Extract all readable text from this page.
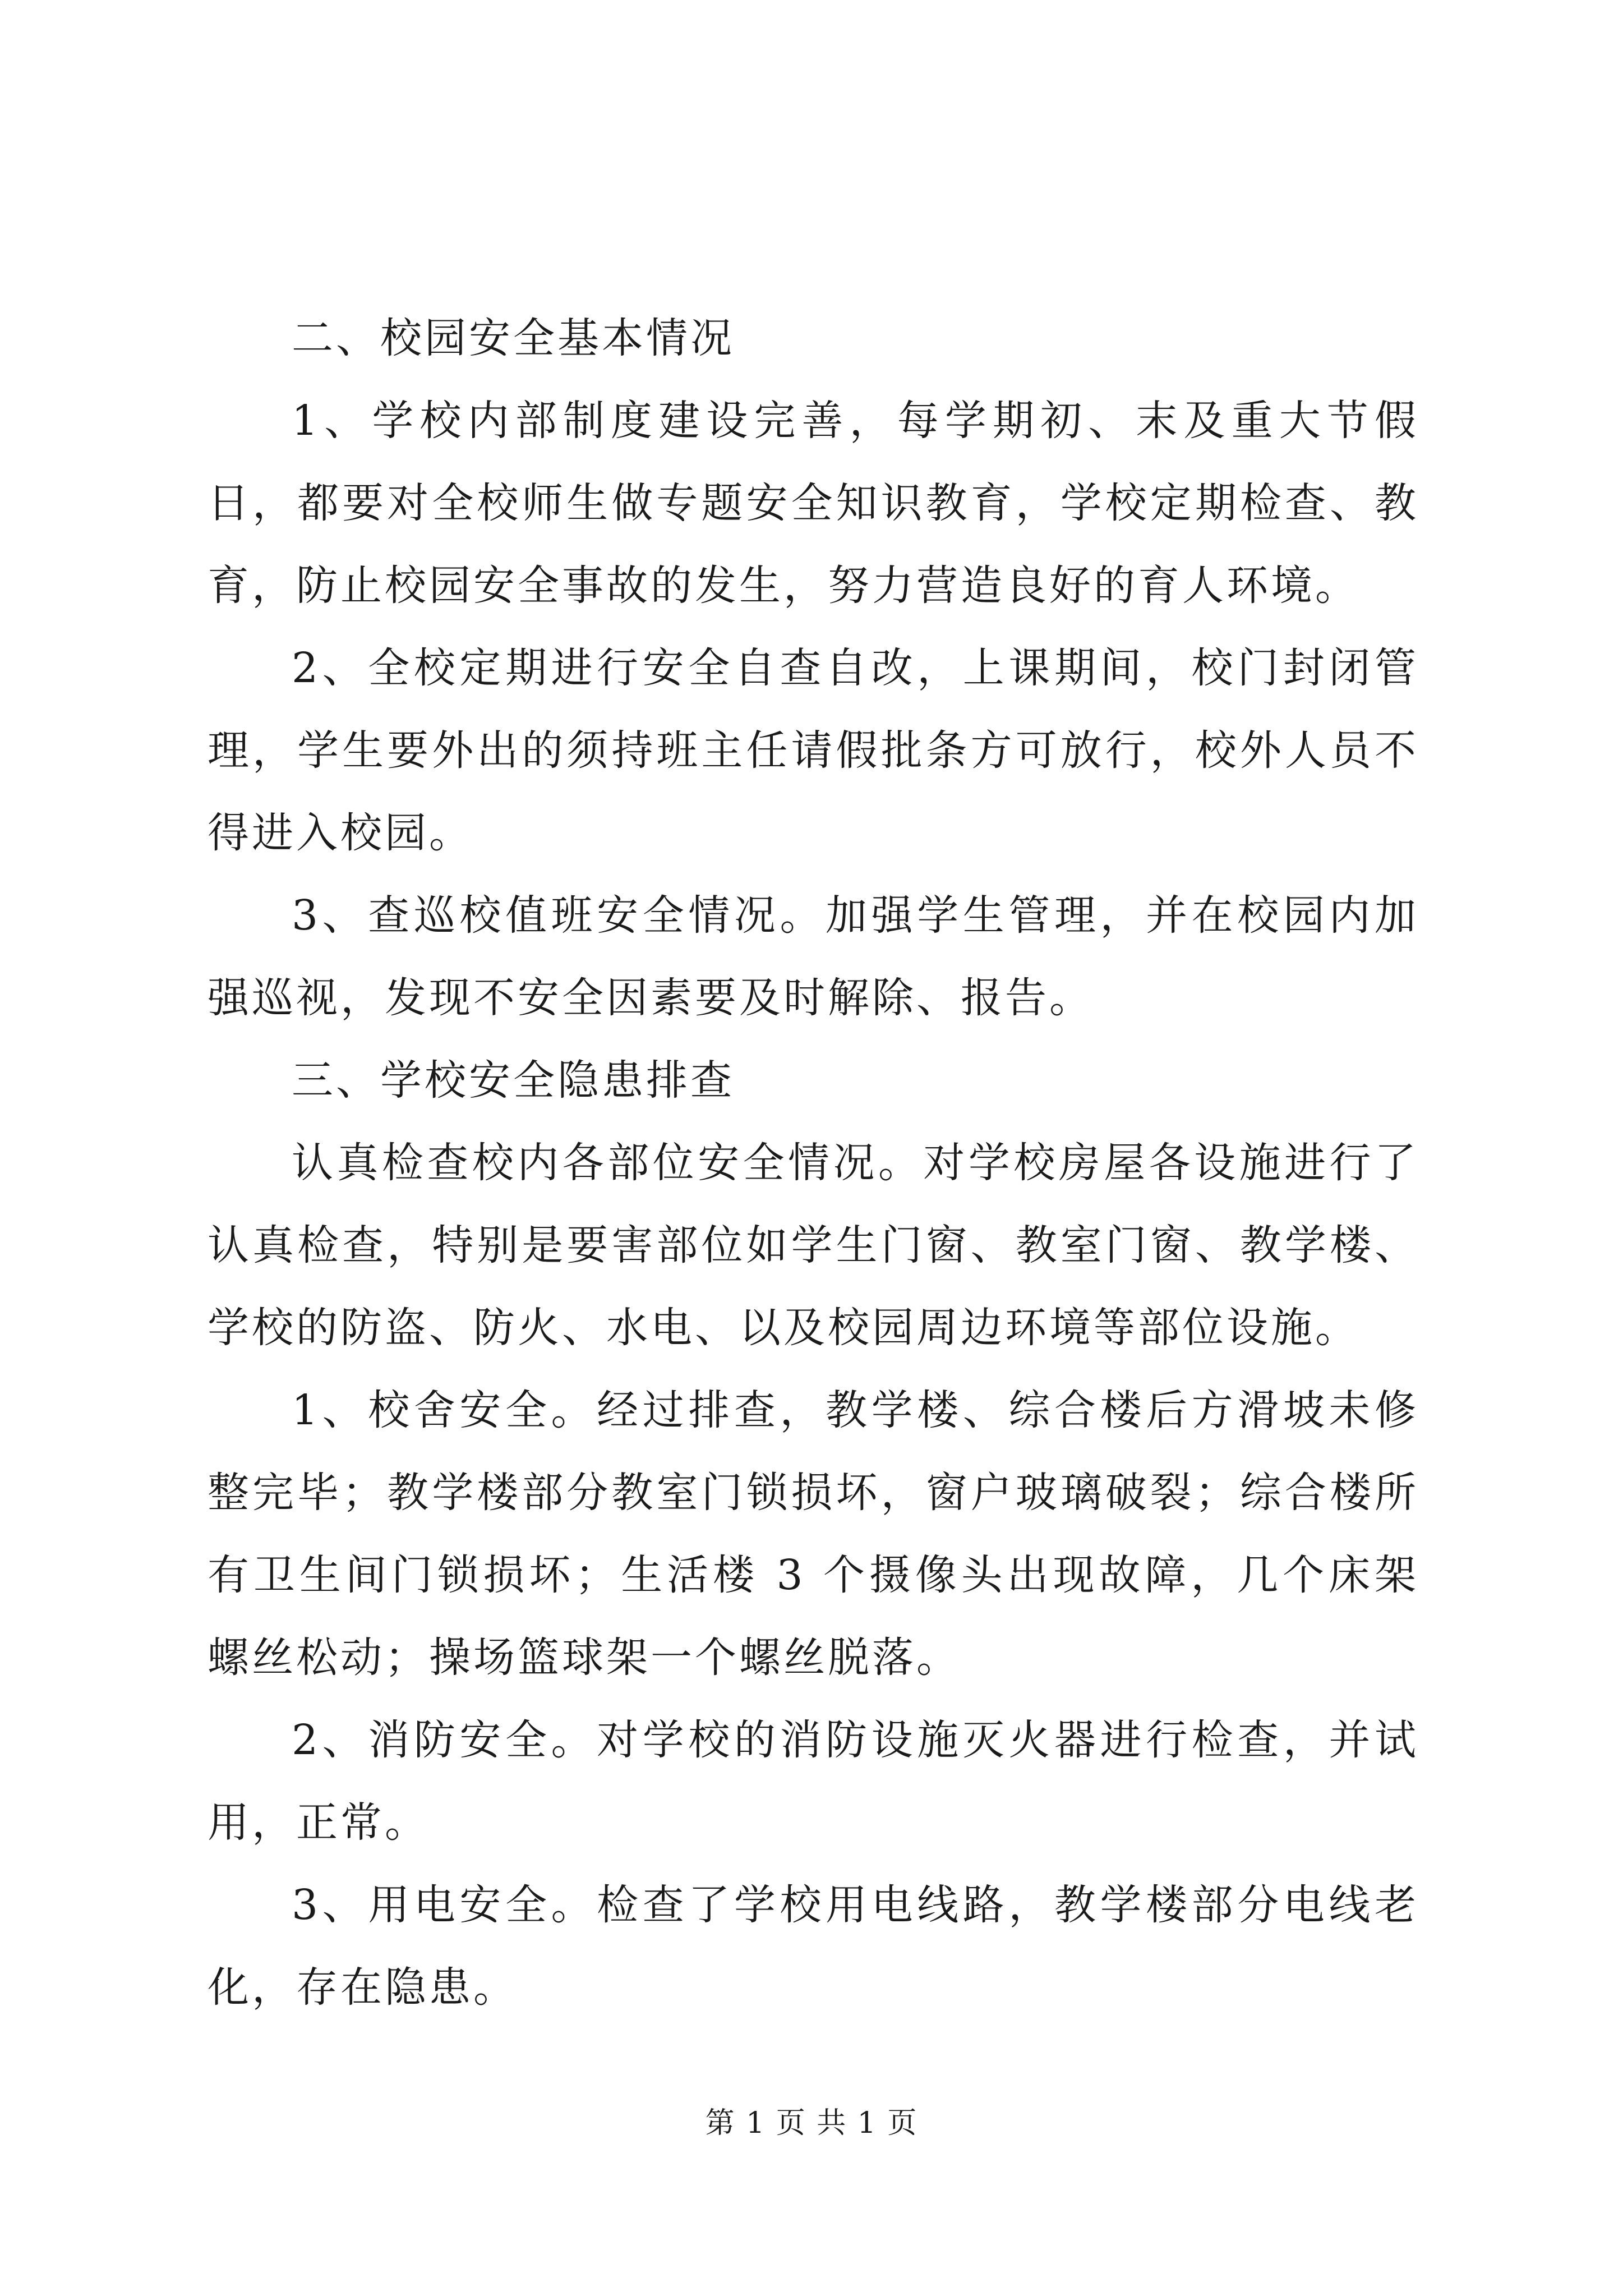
二、校园安全基本情况

1、学校内部制度建设完善，每学期初、末及重大节假日，都要对全校师生做专题安全知识教育，学校定期检查、教育，防止校园安全事故的发生，努力营造良好的育人环境。

2、全校定期进行安全自查自改，上课期间，校门封闭管理，学生要外出的须持班主任请假批条方可放行，校外人员不得进入校园。

3、查巡校值班安全情况。加强学生管理，并在校园内加强巡视，发现不安全因素要及时解除、报告。

三、学校安全隐患排查

认真检查校内各部位安全情况。对学校房屋各设施进行了认真检查，特别是要害部位如学生门窗、教室门窗、教学楼、学校的防盗、防火、水电、以及校园周边环境等部位设施。

1、校舍安全。经过排查，教学楼、综合楼后方滑坡未修整完毕；教学楼部分教室门锁损坏，窗户玻璃破裂；综合楼所有卫生间门锁损坏；生活楼 3 个摄像头出现故障，几个床架螺丝松动；操场篮球架一个螺丝脱落。

2、消防安全。对学校的消防设施灭火器进行检查，并试用，正常。

3、用电安全。检查了学校用电线路，教学楼部分电线老化，存在隐患。

第 1 页 共 1 页
